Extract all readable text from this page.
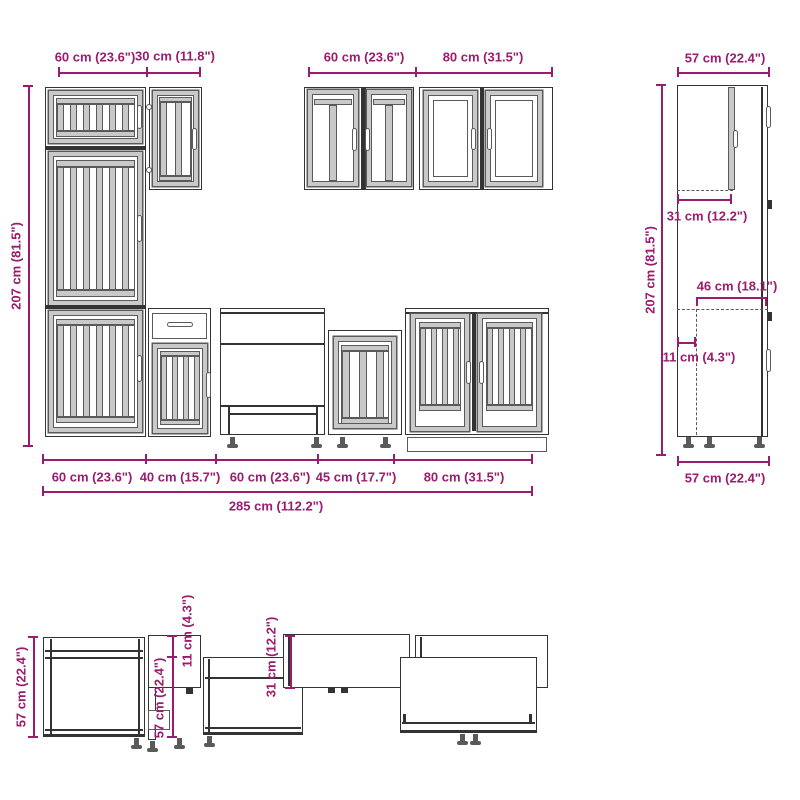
60 cm (23.6") 30 cm (11.8")	60 cm (23.6")	80 cm (31.5")
207 cm (81.5")
60 cm (23.6") 40 cm (15.7") 60 cm (23.6") 45 cm (17.7") 80 cm (31.5")
285 cm (112.2")
57 cm (22.4")
207 cm (81.5")
31 cm (12.2")
46 cm (18.1")
11 cm (4.3")
57 cm (22.4")
57 cm (22.4")
11 cm (4.3")
57 cm (22.4")
31 cm (12.2")
